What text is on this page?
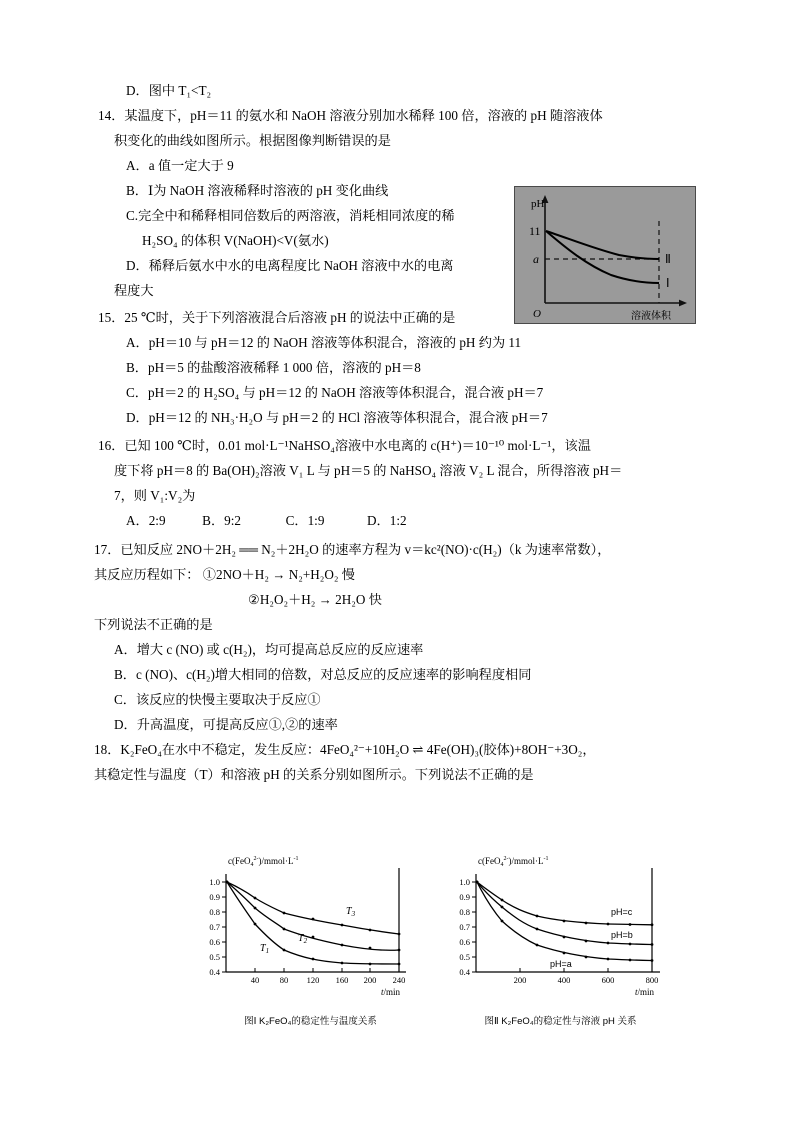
D．图中 T₁<T₂
14．某温度下，pH＝11 的氨水和 NaOH 溶液分别加水稀释 100 倍，溶液的 pH 随溶液体
积变化的曲线如图所示。根据图像判断错误的是
A．a 值一定大于 9
B．Ⅰ为 NaOH 溶液稀释时溶液的 pH 变化曲线
C.完全中和稀释相同倍数后的两溶液，消耗相同浓度的稀
H₂SO₄ 的体积 V(NaOH)<V(氨水)
D．稀释后氨水中水的电离程度比 NaOH 溶液中水的电离
程度大
15．25 ℃时，关于下列溶液混合后溶液 pH 的说法中正确的是
A．pH＝10 与 pH＝12 的 NaOH 溶液等体积混合，溶液的 pH 约为 11
B．pH＝5 的盐酸溶液稀释 1 000 倍，溶液的 pH＝8
C．pH＝2 的 H₂SO₄ 与 pH＝12 的 NaOH 溶液等体积混合，混合液 pH＝7
D．pH＝12 的 NH₃·H₂O 与 pH＝2 的 HCl 溶液等体积混合，混合液 pH＝7
16．已知 100 ℃时，0.01 mol·L⁻¹NaHSO₄溶液中水电离的 c(H⁺)＝10⁻¹⁰ mol·L⁻¹，该温
度下将 pH＝8 的 Ba(OH)₂溶液 V₁ L 与 pH＝5 的 NaHSO₄ 溶液 V₂ L 混合，所得溶液 pH＝
7，则 V₁:V₂为
A．2:9	B．9:2	C．1:9	D．1:2
17．已知反应 2NO＋2H₂ ══ N₂＋2H₂O 的速率方程为 v＝kc²(NO)·c(H₂)（k 为速率常数），
其反应历程如下： ①2NO＋H₂ → N₂+H₂O₂ 慢
②H₂O₂＋H₂ → 2H₂O 快
下列说法不正确的是
A．增大 c (NO) 或 c(H₂)，均可提高总反应的反应速率
B．c (NO)、c(H₂)增大相同的倍数，对总反应的反应速率的影响程度相同
C．该反应的快慢主要取决于反应①
D．升高温度，可提高反应①,②的速率
18．K₂FeO₄在水中不稳定，发生反应：4FeO₄²⁻+10H₂O ⇌ 4Fe(OH)₃(胶体)+8OH⁻+3O₂，
其稳定性与温度（T）和溶液 pH 的关系分别如图所示。下列说法不正确的是
pH
11
a
O
Ⅱ
Ⅰ
溶液体积
1.0
0.9
0.8
0.7
0.6
0.5
0.4
40 80 120 160 200 240
$c(FeO_4^{2-})/mmol\cdot L^{-1}$
t/min
$T_3$
$T_2$
$T_1$
图Ⅰ K₂FeO₄的稳定性与温度关系
1.0
0.9
0.8
0.7
0.6
0.5
0.4
200	400	600	800
$c(FeO_4^{2-})/mmol\cdot L^{-1}$
t/min
pH=c
pH=b
pH=a
图Ⅱ K₂FeO₄的稳定性与溶液 pH 关系
